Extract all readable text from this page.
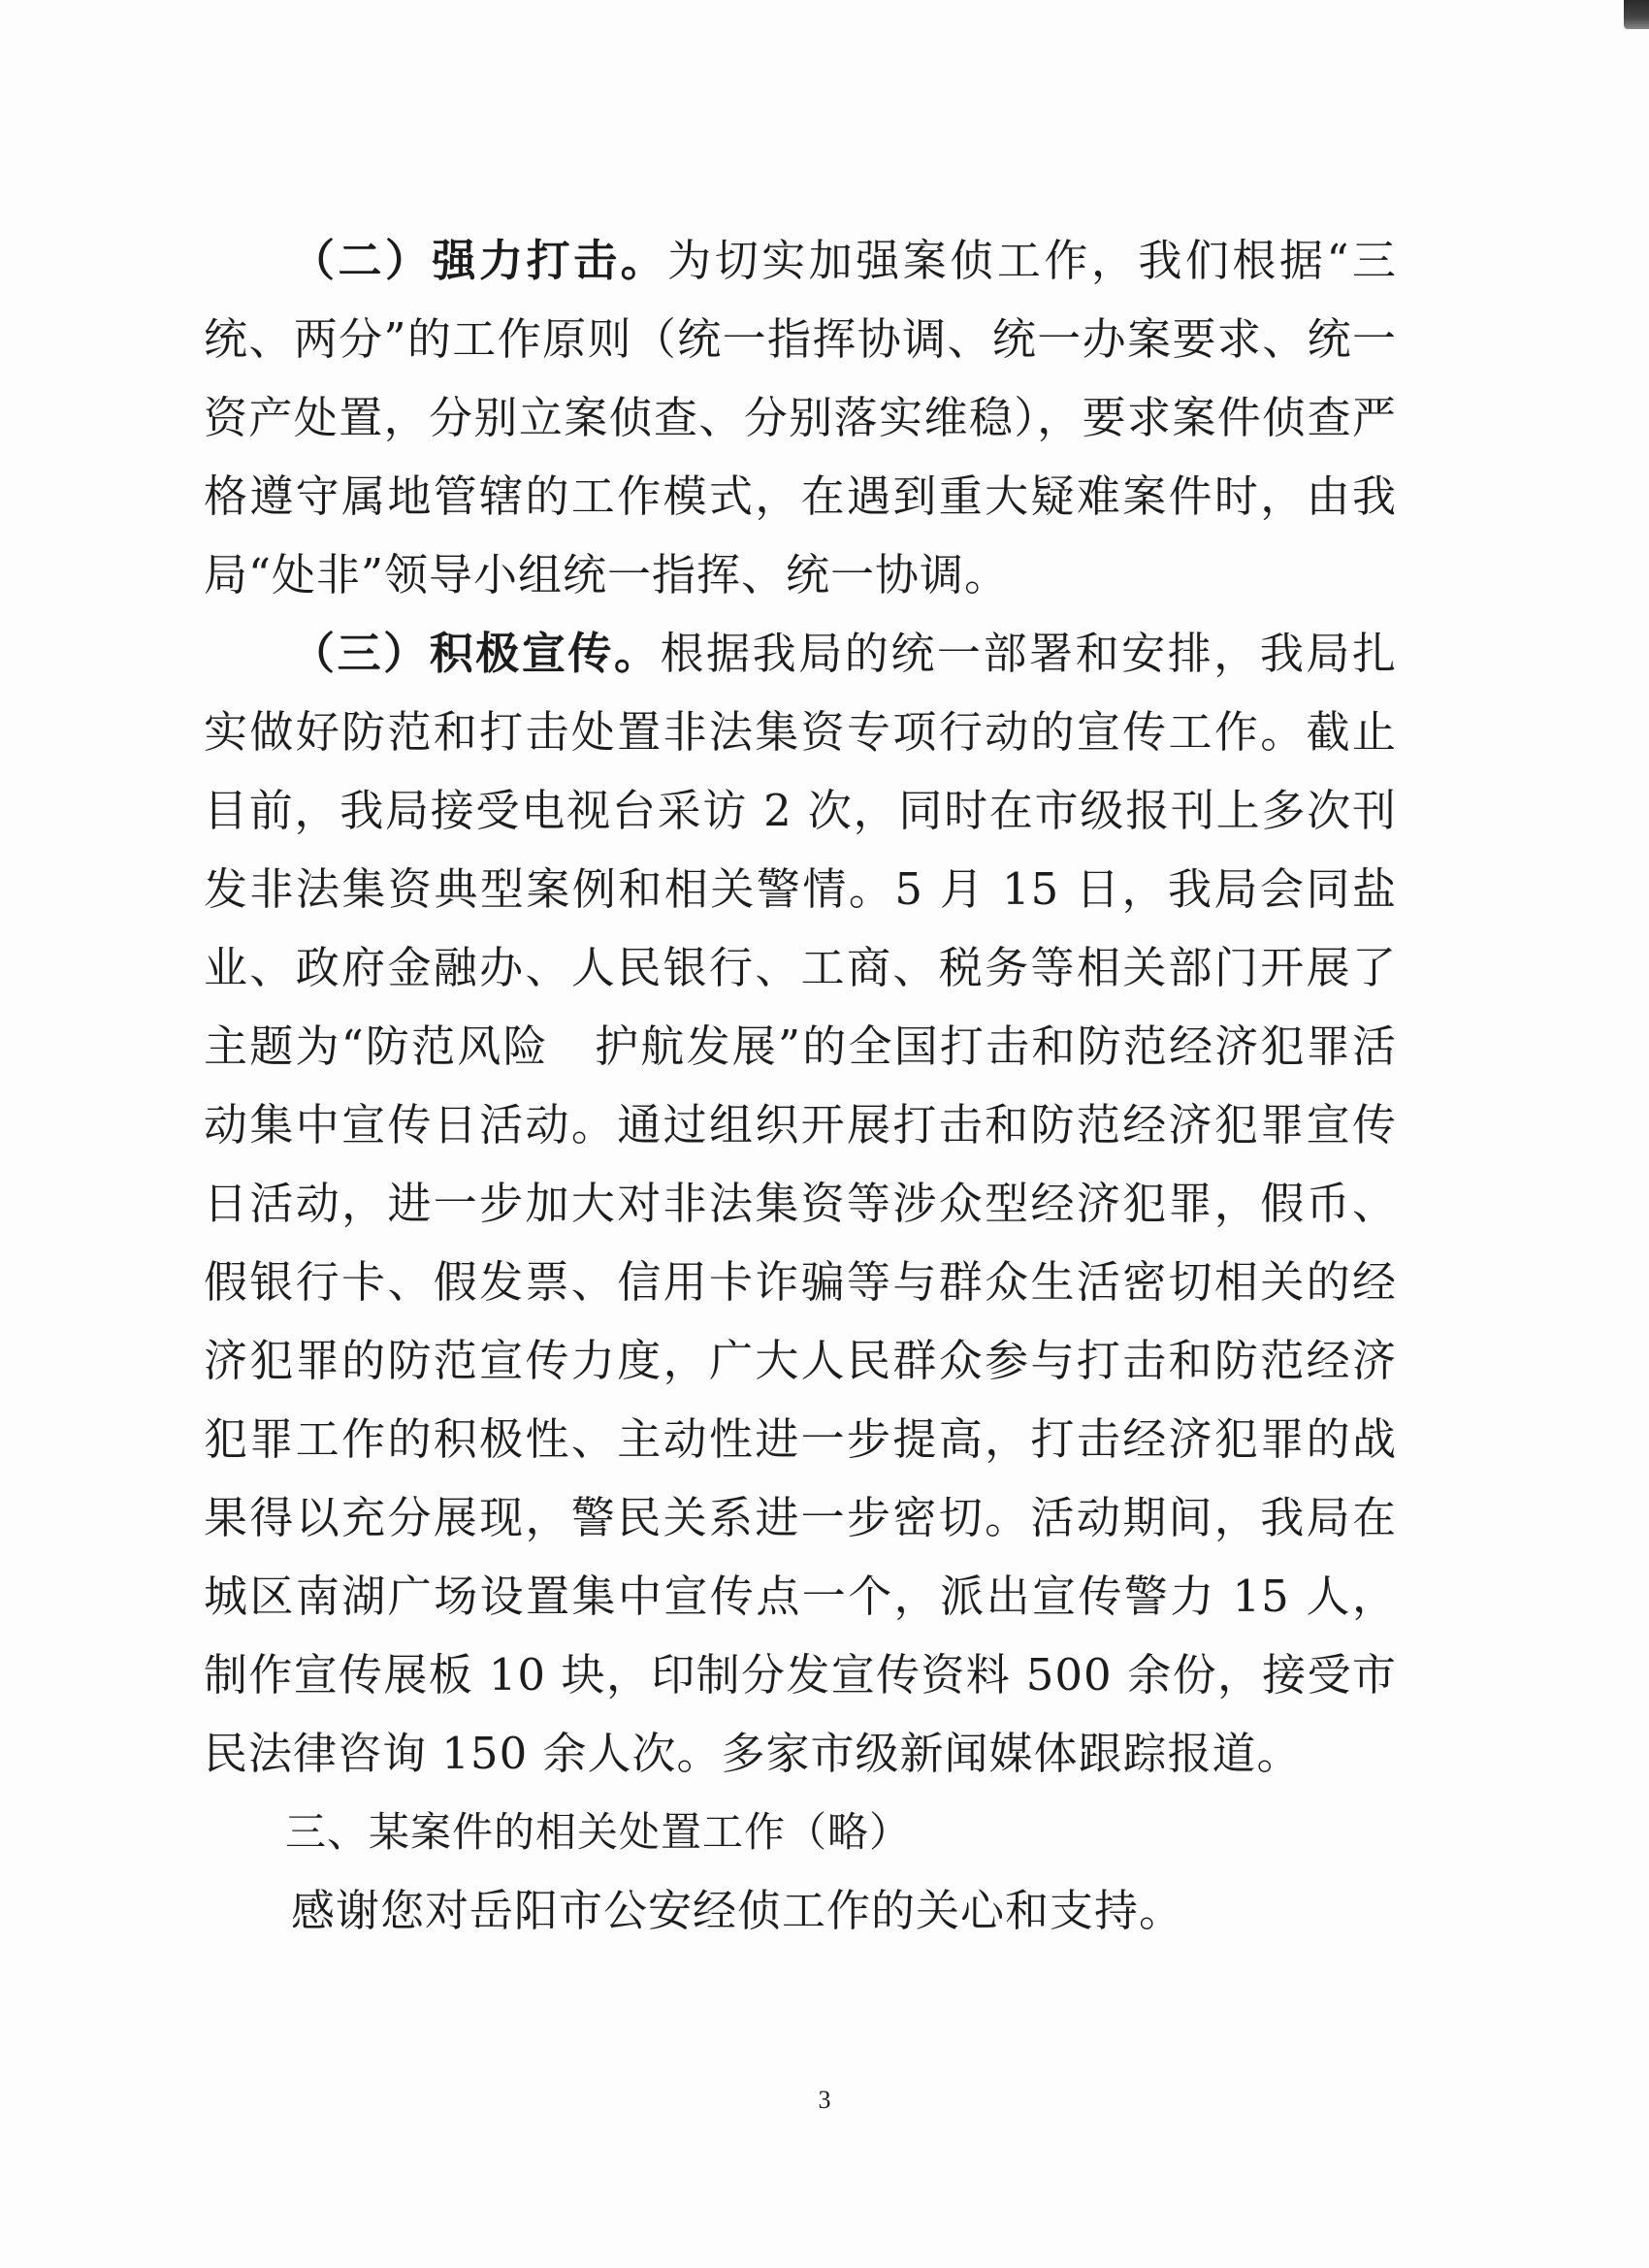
（二）强力打击。为切实加强案侦工作，我们根据“三统、两分”的工作原则（统一指挥协调、统一办案要求、统一资产处置，分别立案侦查、分别落实维稳），要求案件侦查严格遵守属地管辖的工作模式，在遇到重大疑难案件时，由我局“处非”领导小组统一指挥、统一协调。

（三）积极宣传。根据我局的统一部署和安排，我局扎实做好防范和打击处置非法集资专项行动的宣传工作。截止目前，我局接受电视台采访 2 次，同时在市级报刊上多次刊发非法集资典型案例和相关警情。5 月 15 日，我局会同盐业、政府金融办、人民银行、工商、税务等相关部门开展了主题为“防范风险　护航发展”的全国打击和防范经济犯罪活动集中宣传日活动。通过组织开展打击和防范经济犯罪宣传日活动，进一步加大对非法集资等涉众型经济犯罪，假币、假银行卡、假发票、信用卡诈骗等与群众生活密切相关的经济犯罪的防范宣传力度，广大人民群众参与打击和防范经济犯罪工作的积极性、主动性进一步提高，打击经济犯罪的战果得以充分展现，警民关系进一步密切。活动期间，我局在城区南湖广场设置集中宣传点一个，派出宣传警力 15 人，制作宣传展板 10 块，印制分发宣传资料 500 余份，接受市民法律咨询 150 余人次。多家市级新闻媒体跟踪报道。

三、某案件的相关处置工作（略）

感谢您对岳阳市公安经侦工作的关心和支持。

3
